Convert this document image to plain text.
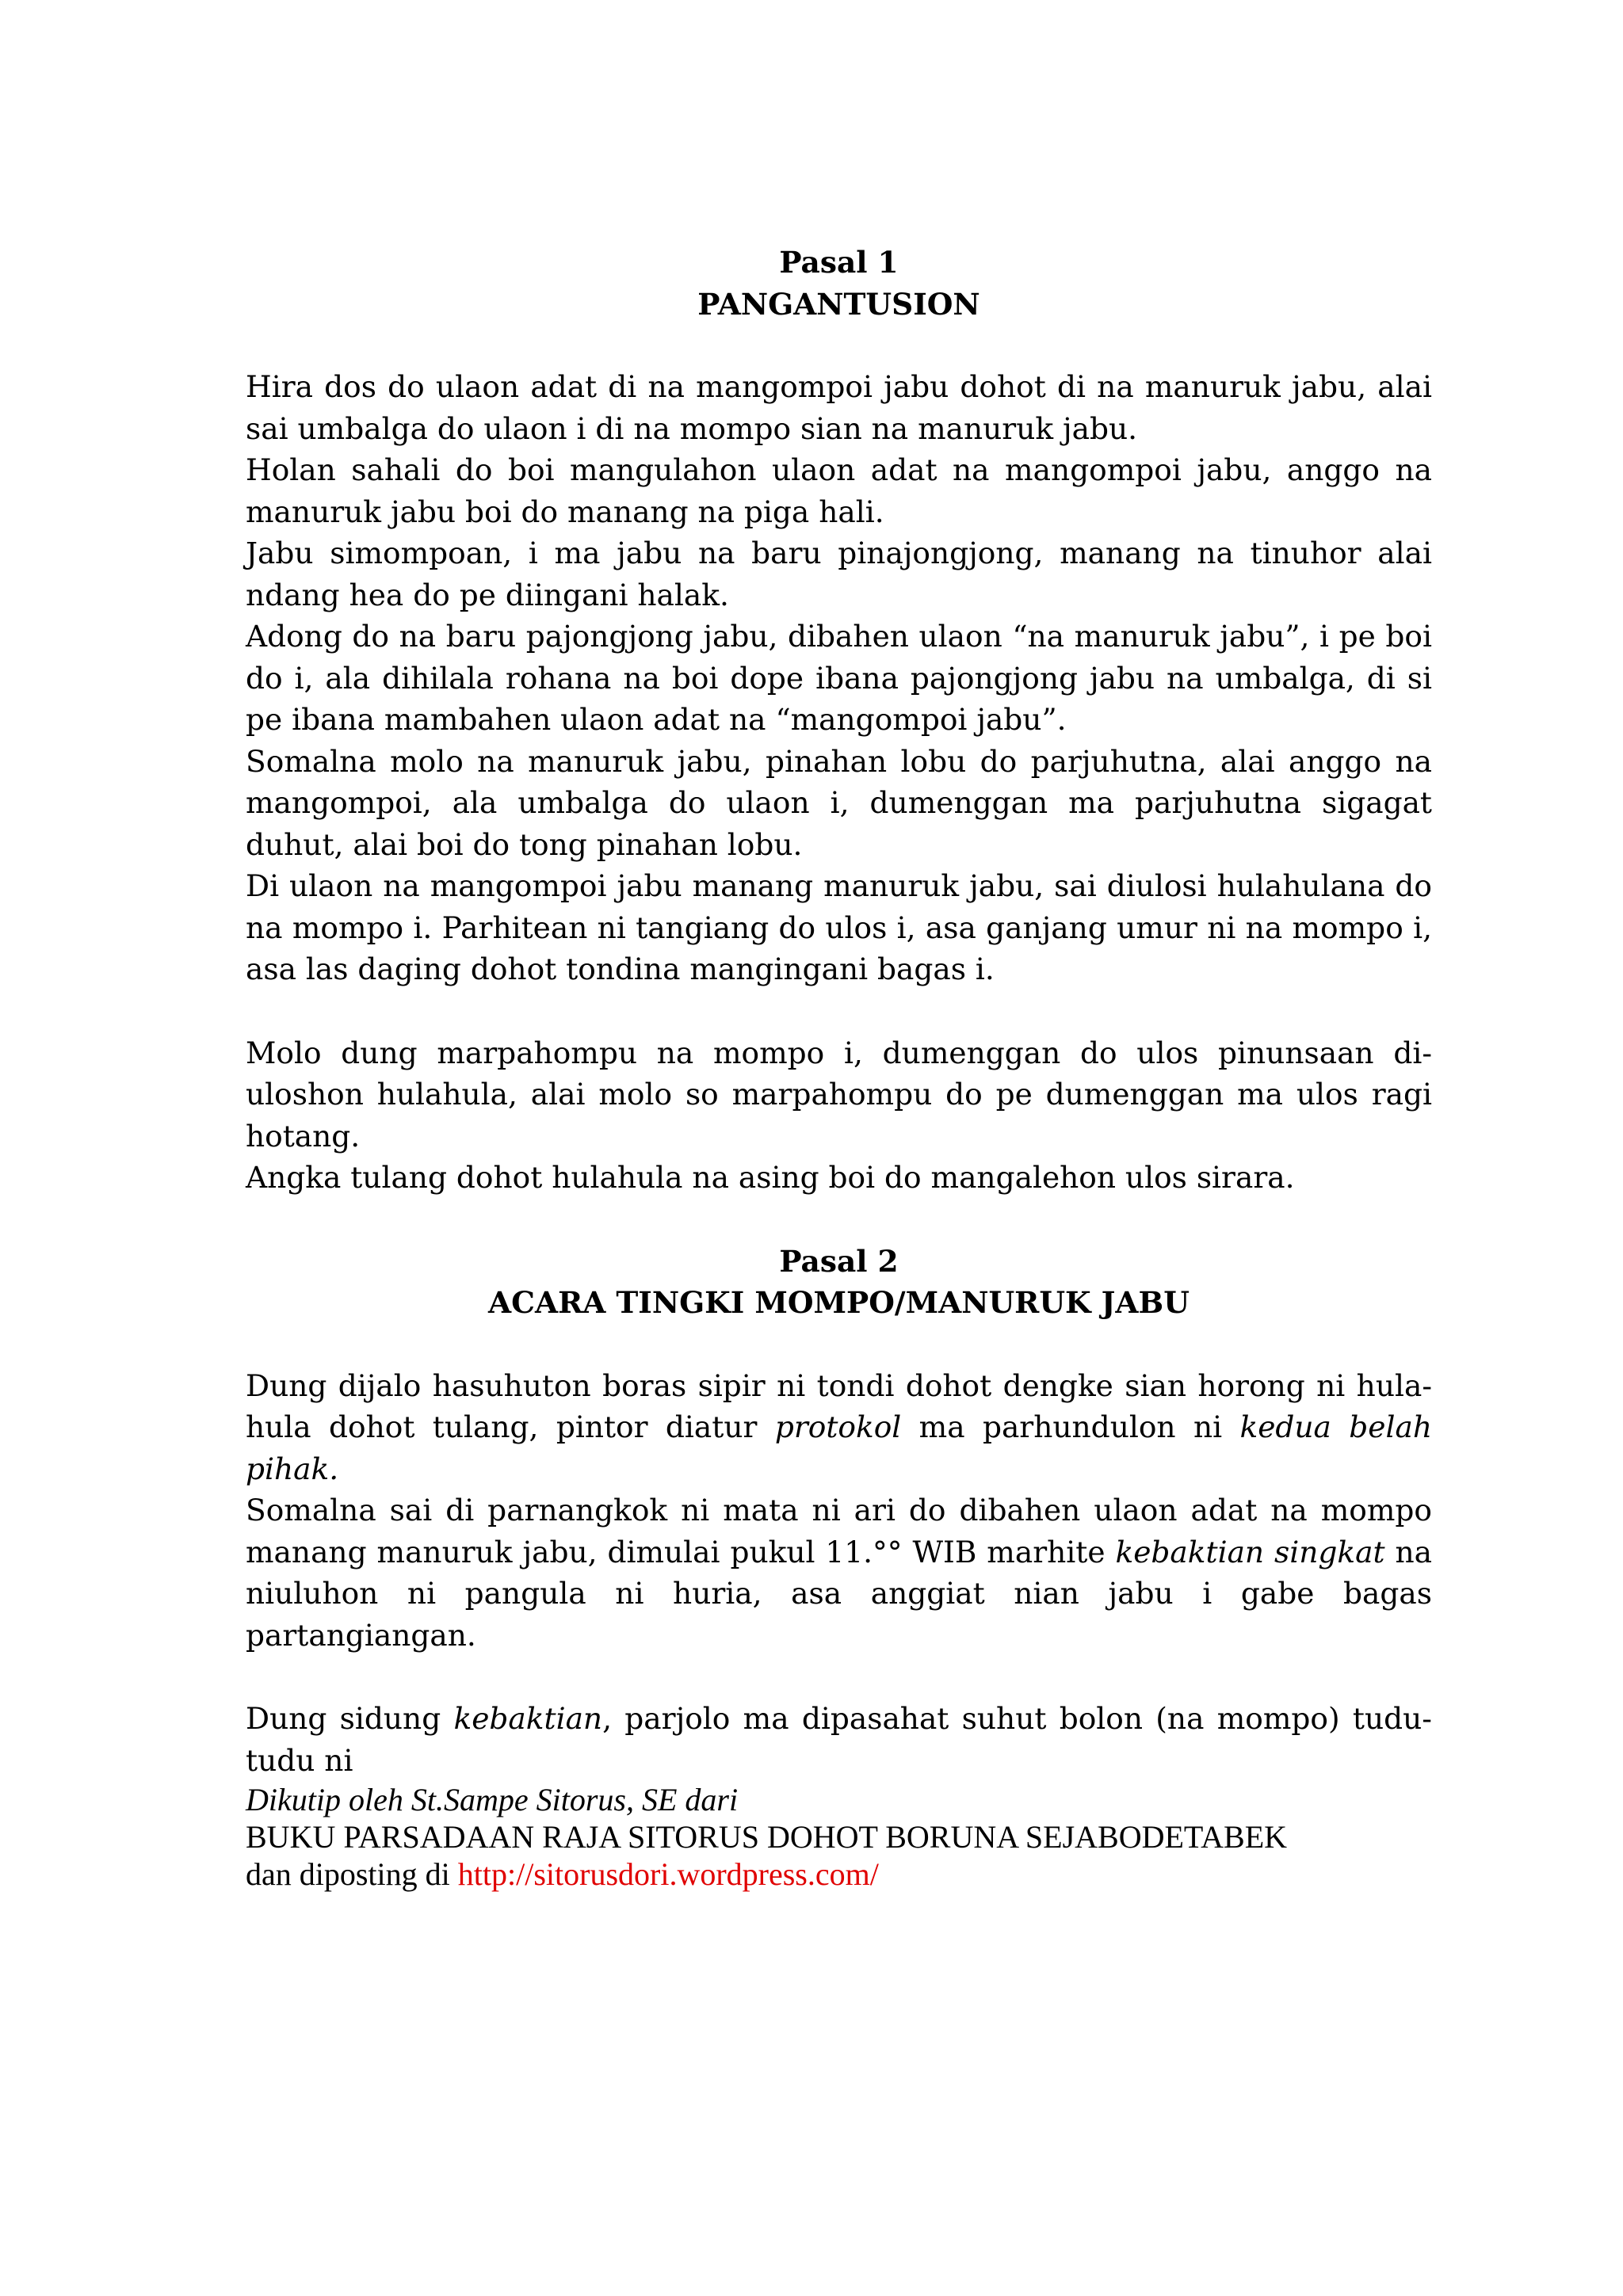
Pasal 1

PANGANTUSION

Hira dos do ulaon adat di na mangompoi jabu dohot di na manuruk jabu, alai sai umbalga do ulaon i di na mompo sian na manuruk jabu.

Holan sahali do boi mangulahon ulaon adat na mangompoi jabu, anggo na manuruk jabu boi do manang na piga hali.

Jabu simompoan, i ma jabu na baru pinajongjong, manang na tinuhor alai ndang hea do pe diingani halak.

Adong do na baru pajongjong jabu, dibahen ulaon “na manuruk jabu”, i pe boi do i, ala dihilala rohana na boi dope ibana pajongjong jabu na umbalga, di si pe ibana mambahen ulaon adat na “mangompoi jabu”.

Somalna molo na manuruk jabu, pinahan lobu do parjuhutna, alai anggo na mangompoi, ala umbalga do ulaon i, dumenggan ma parjuhutna sigagat duhut, alai boi do tong pinahan lobu.

Di ulaon na mangompoi jabu manang manuruk jabu, sai diulosi hulahulana do na mompo i. Parhitean ni tangiang do ulos i, asa ganjang umur ni na mompo i, asa las daging dohot tondina mangingani bagas i.

Molo dung marpahompu na mompo i, dumenggan do ulos pinunsaan di- uloshon hulahula, alai molo so marpahompu do pe dumenggan ma ulos ragi hotang.

Angka tulang dohot hulahula na asing boi do mangalehon ulos sirara.

Pasal 2

ACARA TINGKI MOMPO/MANURUK JABU

Dung dijalo hasuhuton boras sipir ni tondi dohot dengke sian horong ni hula-hula dohot tulang, pintor diatur protokol ma parhundulon ni kedua belah pihak.

Somalna sai di parnangkok ni mata ni ari do dibahen ulaon adat na mompo manang manuruk jabu, dimulai pukul 11.°° WIB marhite kebaktian singkat na niuluhon ni pangula ni huria, asa anggiat nian jabu i gabe bagas partangiangan.

Dung sidung kebaktian, parjolo ma dipasahat suhut bolon (na mompo) tudu-tudu ni

Dikutip oleh St.Sampe Sitorus, SE dari
BUKU PARSADAAN RAJA SITORUS DOHOT BORUNA SEJABODETABEK
dan diposting di http://sitorusdori.wordpress.com/
